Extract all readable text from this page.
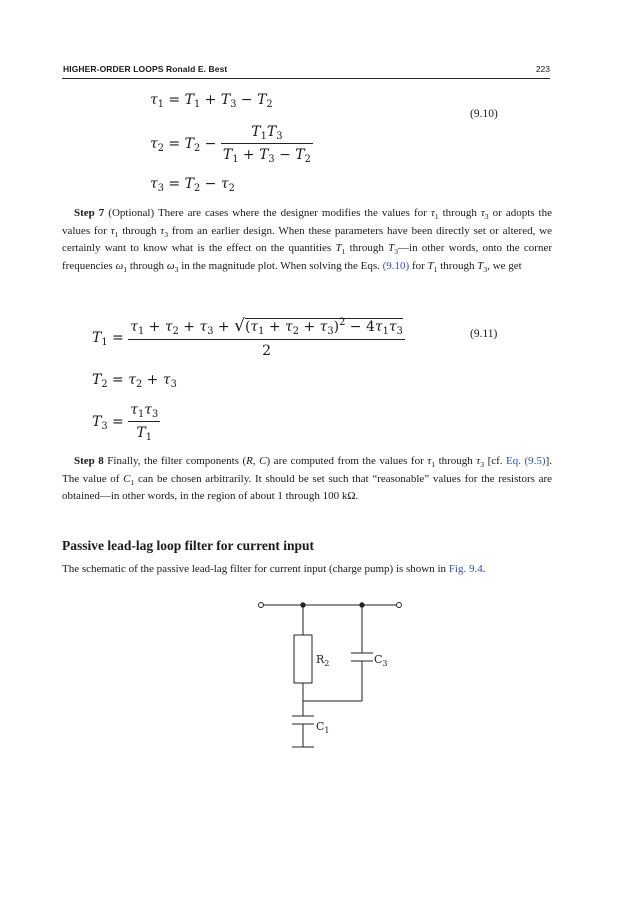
HIGHER-ORDER LOOPS Ronald E. Best	223
$\tau_1 = T_1 + T_3 - T_2$
$\tau_2 = T_2 - \frac{T_1T_3}{T_1 + T_3 - T_2}$
$\tau_3 = T_2 - \tau_2$
(9.10)
Step 7 (Optional) There are cases where the designer modifies the values for $\tau_1$ through $\tau_3$ or adopts the values for $\tau_1$ through $\tau_3$ from an earlier design. When these parameters have been directly set or altered, we certainly want to know what is the effect on the quantities $T_1$ through $T_3—in$ other words, onto the corner frequencies $\omega_1$ through $\omega_3$ in the magnitude plot. When solving the Eqs. (9.10) for $T_1$ through $T_3$, we get
$T_1 = \frac{\tau_1 + \tau_2 + \tau_3 + √(\tau_1 + \tau_2 + \tau_3)^2 - 4\tau_1\tau_3}{2}$	(9.11)
$T_2 = \tau_2 + \tau_3$
$T_3 = \frac{\tau_1\tau_3}{T_1}$
Step 8 Finally, the filter components (R, C) are computed from the values for $\tau_1$ through $\tau_3$ [cf. Eq. (9.5)]. The value of $C_1$ can be chosen arbitrarily. It should be set such that “reasonable” values for the resistors are obtained—in other words, in the region of about 1 through 100 kΩ.
Passive lead-lag loop filter for current input
The schematic of the passive lead-lag filter for current input (charge pump) is shown in Fig. 9.4.
$R_2$	$C_3$
$C_1$
